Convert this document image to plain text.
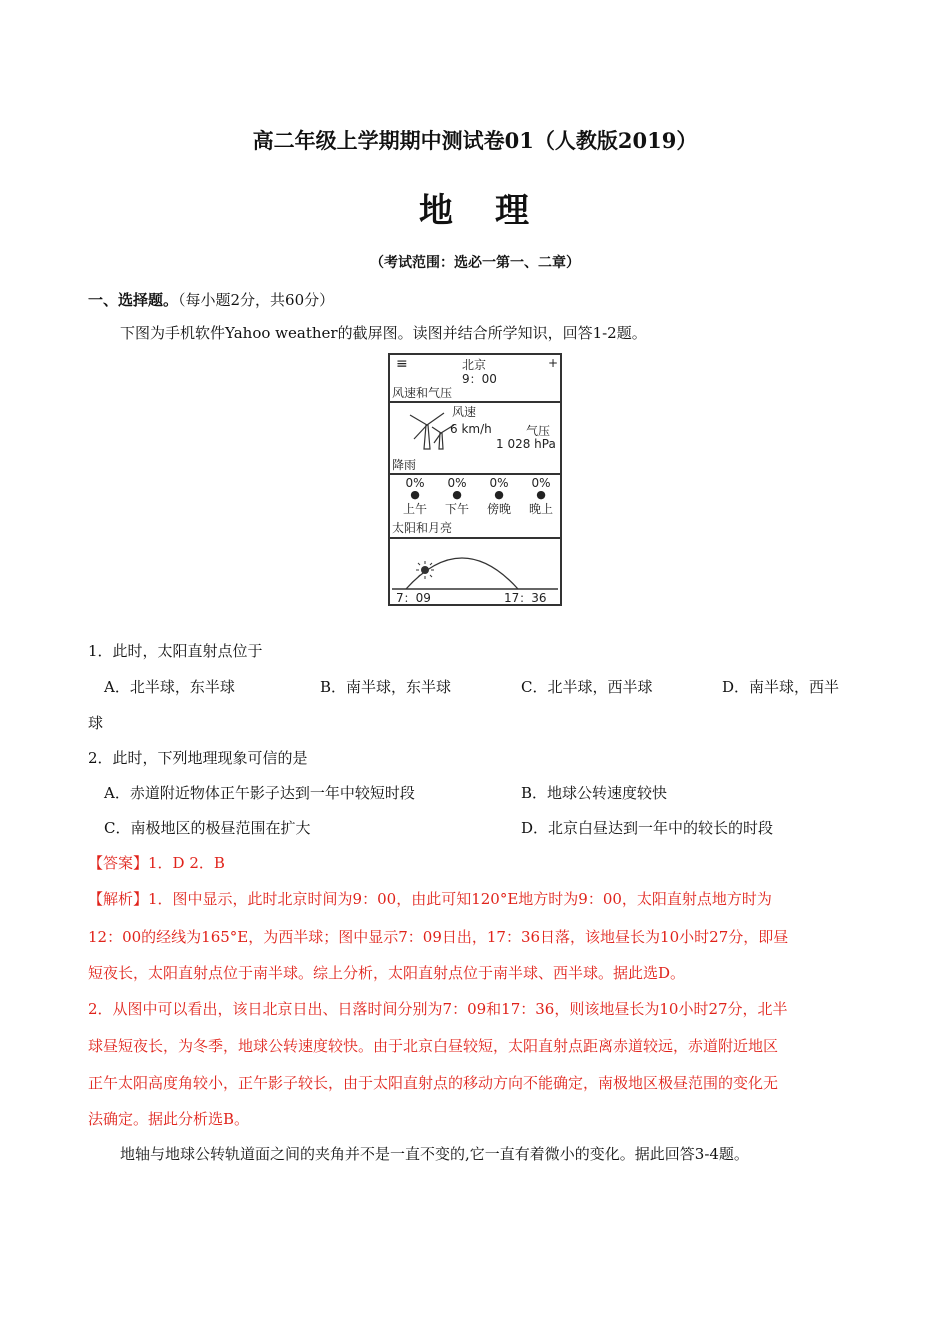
高二年级上学期期中测试卷01（人教版2019）
地 理
（考试范围：选必一第一、二章）
一、选择题。（每小题2分，共60分）
下图为手机软件Yahoo weather的截屏图。读图并结合所学知识，回答1-2题。
≡	北京	+
9：00
风速和气压
风速
6 km/h	气压
1 028 hPa
降雨
0%
●
上午
0%
●
下午
0%
●
傍晚
0%
●
晚上
太阳和月亮
7：09	17：36
1．此时，太阳直射点位于
A．北半球，东半球	B．南半球，东半球	C．北半球，西半球	D．南半球，西半
球
2．此时，下列地理现象可信的是
A．赤道附近物体正午影子达到一年中较短时段	B．地球公转速度较快
C．南极地区的极昼范围在扩大	D．北京白昼达到一年中的较长的时段
【答案】1．D 2．B
【解析】1．图中显示，此时北京时间为9：00，由此可知120°E地方时为9：00，太阳直射点地方时为
12：00的经线为165°E，为西半球；图中显示7：09日出，17：36日落，该地昼长为10小时27分，即昼
短夜长，太阳直射点位于南半球。综上分析，太阳直射点位于南半球、西半球。据此选D。
2．从图中可以看出，该日北京日出、日落时间分别为7：09和17：36，则该地昼长为10小时27分，北半
球昼短夜长，为冬季，地球公转速度较快。由于北京白昼较短，太阳直射点距离赤道较远，赤道附近地区
正午太阳高度角较小，正午影子较长，由于太阳直射点的移动方向不能确定，南极地区极昼范围的变化无
法确定。据此分析选B。
地轴与地球公转轨道面之间的夹角并不是一直不变的,它一直有着微小的变化。据此回答3-4题。
